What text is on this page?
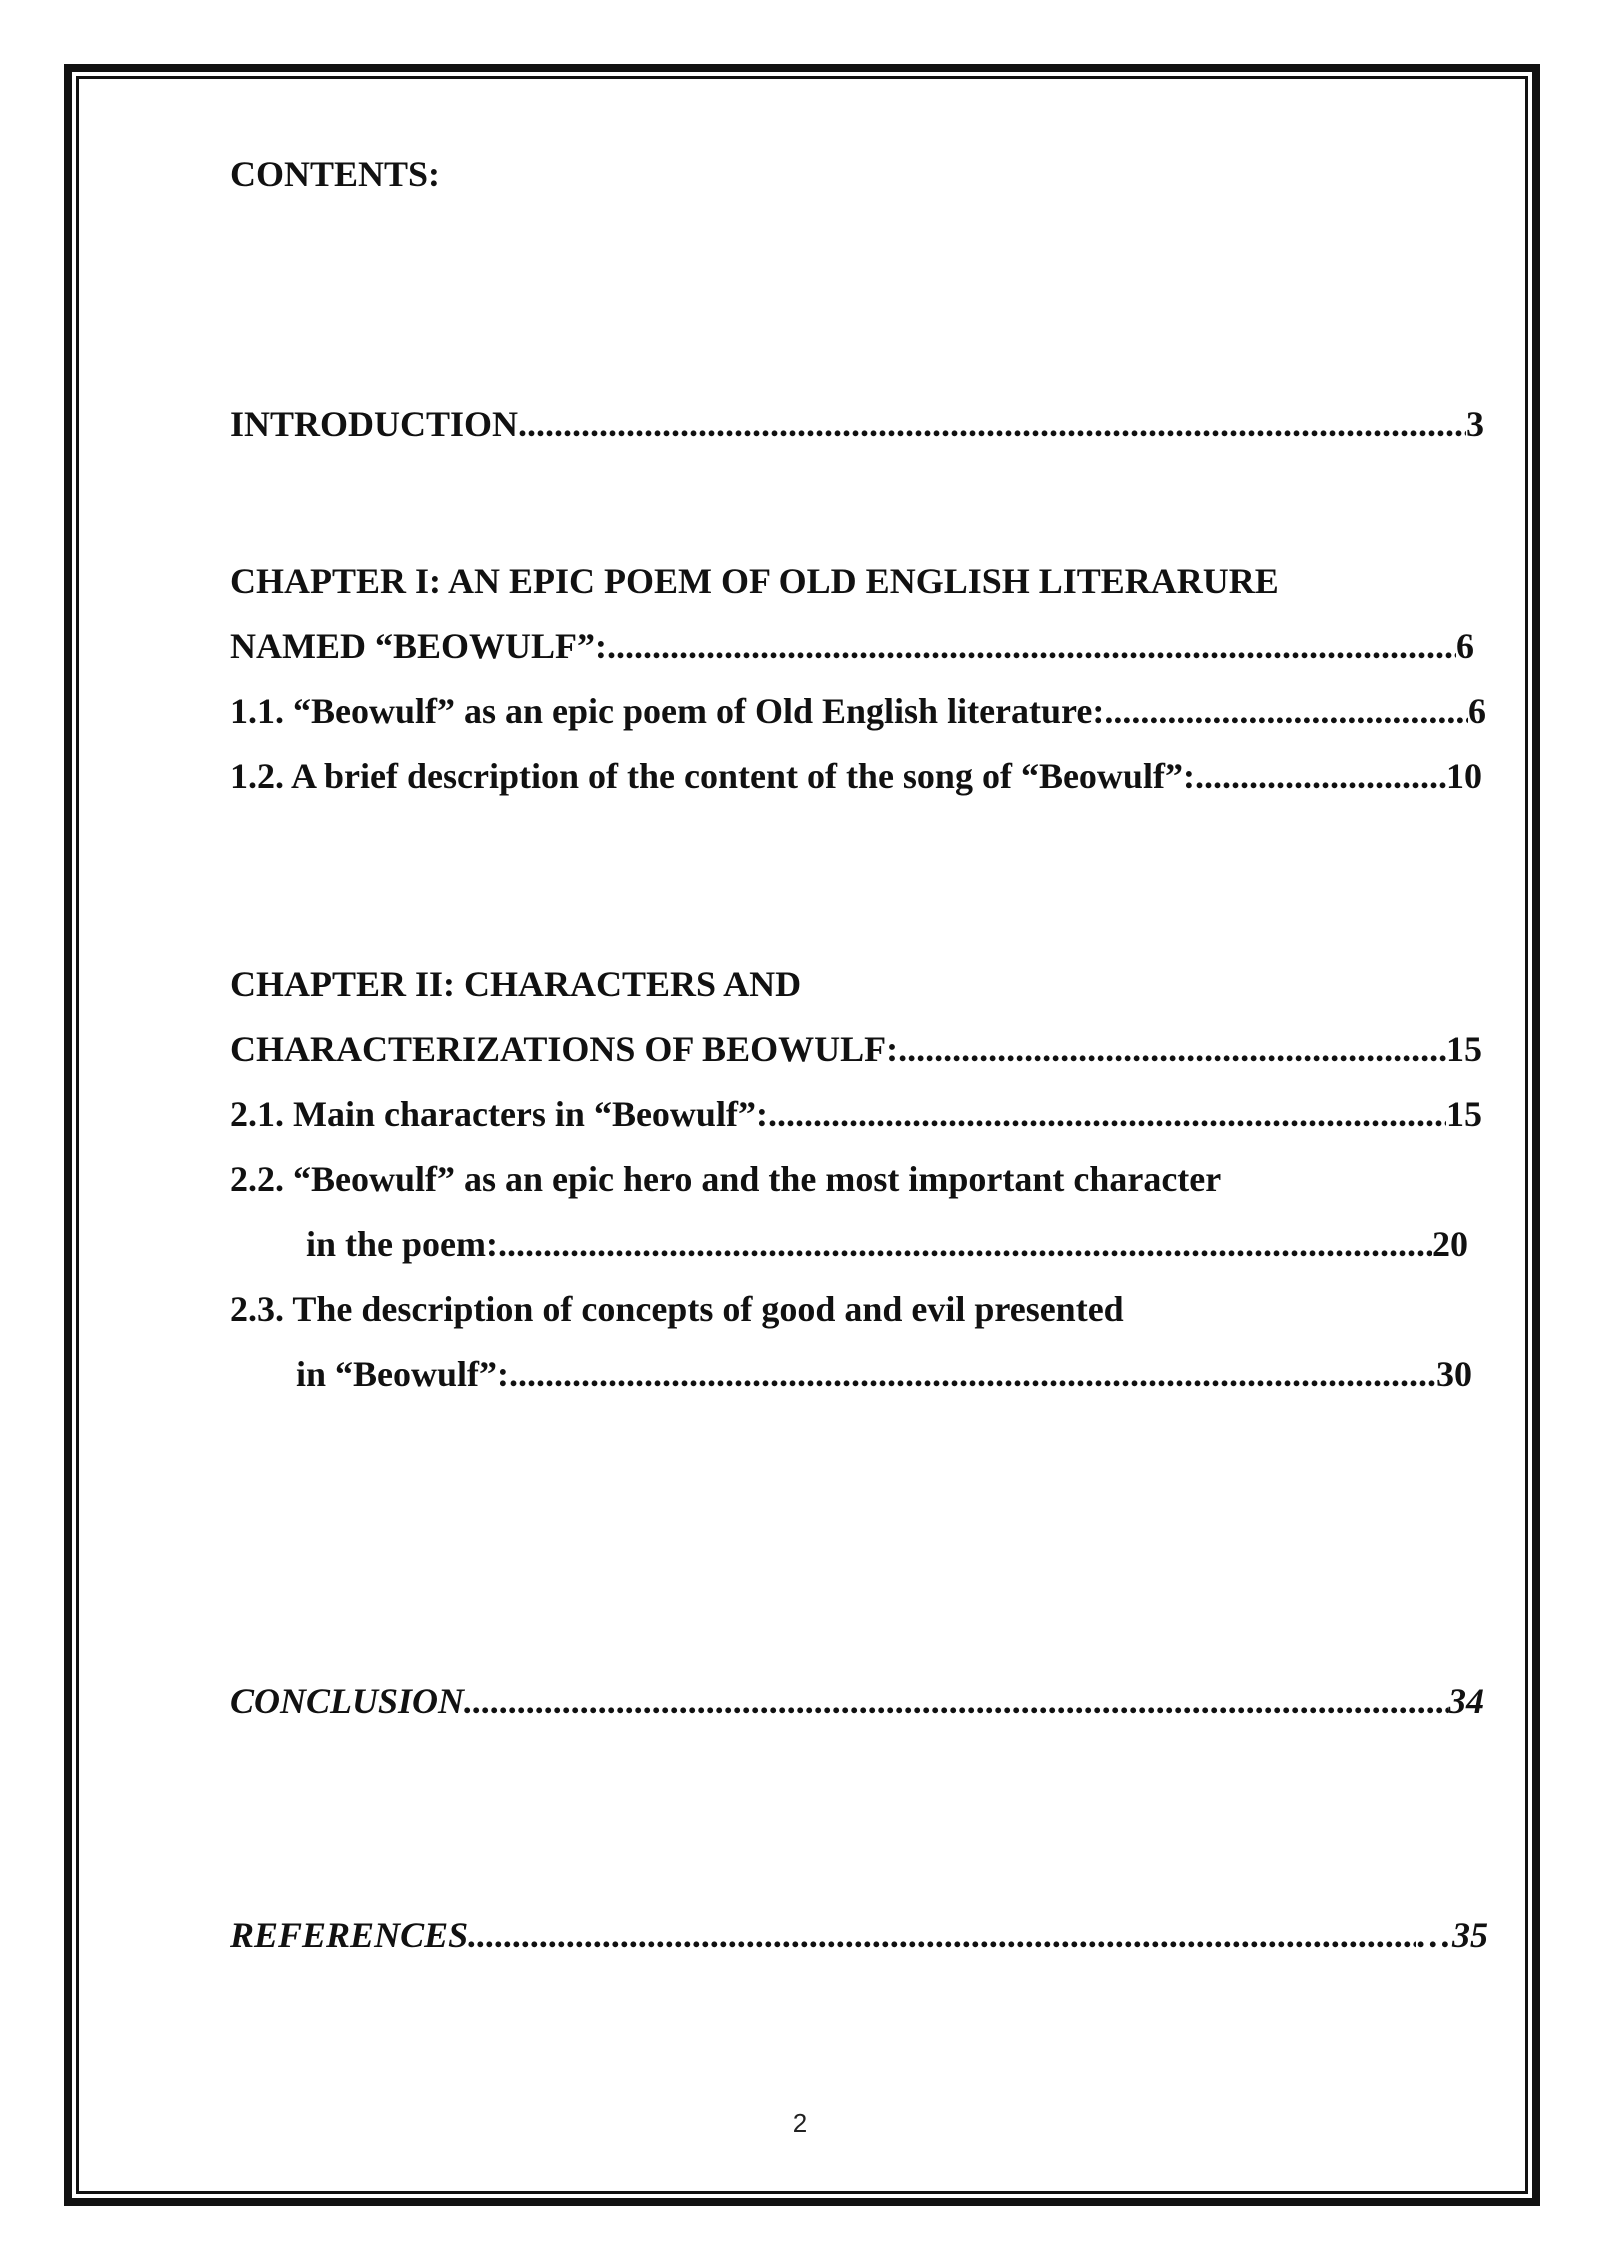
CONTENTS:
INTRODUCTION .....	3
CHAPTER I: AN EPIC POEM OF OLD ENGLISH LITERARURE
NAMED “BEOWULF”: .....	6
1.1. “Beowulf” as an epic poem of Old English literature: .....	6
1.2. A brief description of the content of the song of “Beowulf”: .....	10
CHAPTER II: CHARACTERS AND
CHARACTERIZATIONS OF BEOWULF: .....	15
2.1. Main characters in “Beowulf”: .....	15
2.2. “Beowulf” as an epic hero and the most important character
in the poem: .....	20
2.3. The description of concepts of good and evil presented
in “Beowulf”: .....	30
CONCLUSION .....	34
REFERENCES .....	…35
2
